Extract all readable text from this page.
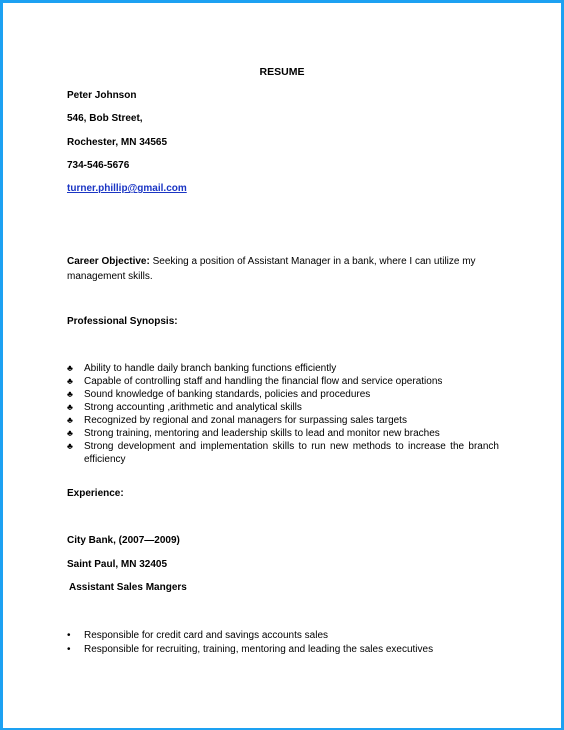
RESUME
Peter Johnson
546, Bob Street,
Rochester, MN 34565
734-546-5676
turner.phillip@gmail.com
Career Objective: Seeking a position of Assistant Manager in a bank, where I can utilize my management skills.
Professional Synopsis:
♣ Ability to handle daily branch banking functions efficiently
♣ Capable of controlling staff and handling the financial flow and service operations
♣ Sound knowledge of banking standards, policies and procedures
♣ Strong accounting ,arithmetic and analytical skills
♣ Recognized by regional and zonal managers for surpassing sales targets
♣ Strong training, mentoring and leadership skills to lead and monitor new braches
♣ Strong development and implementation skills to run new methods to increase the branch efficiency
Experience:
City Bank, (2007—2009)
Saint Paul, MN 32405
Assistant Sales Mangers
• Responsible for credit card and savings accounts sales
• Responsible for recruiting, training, mentoring and leading the sales executives
